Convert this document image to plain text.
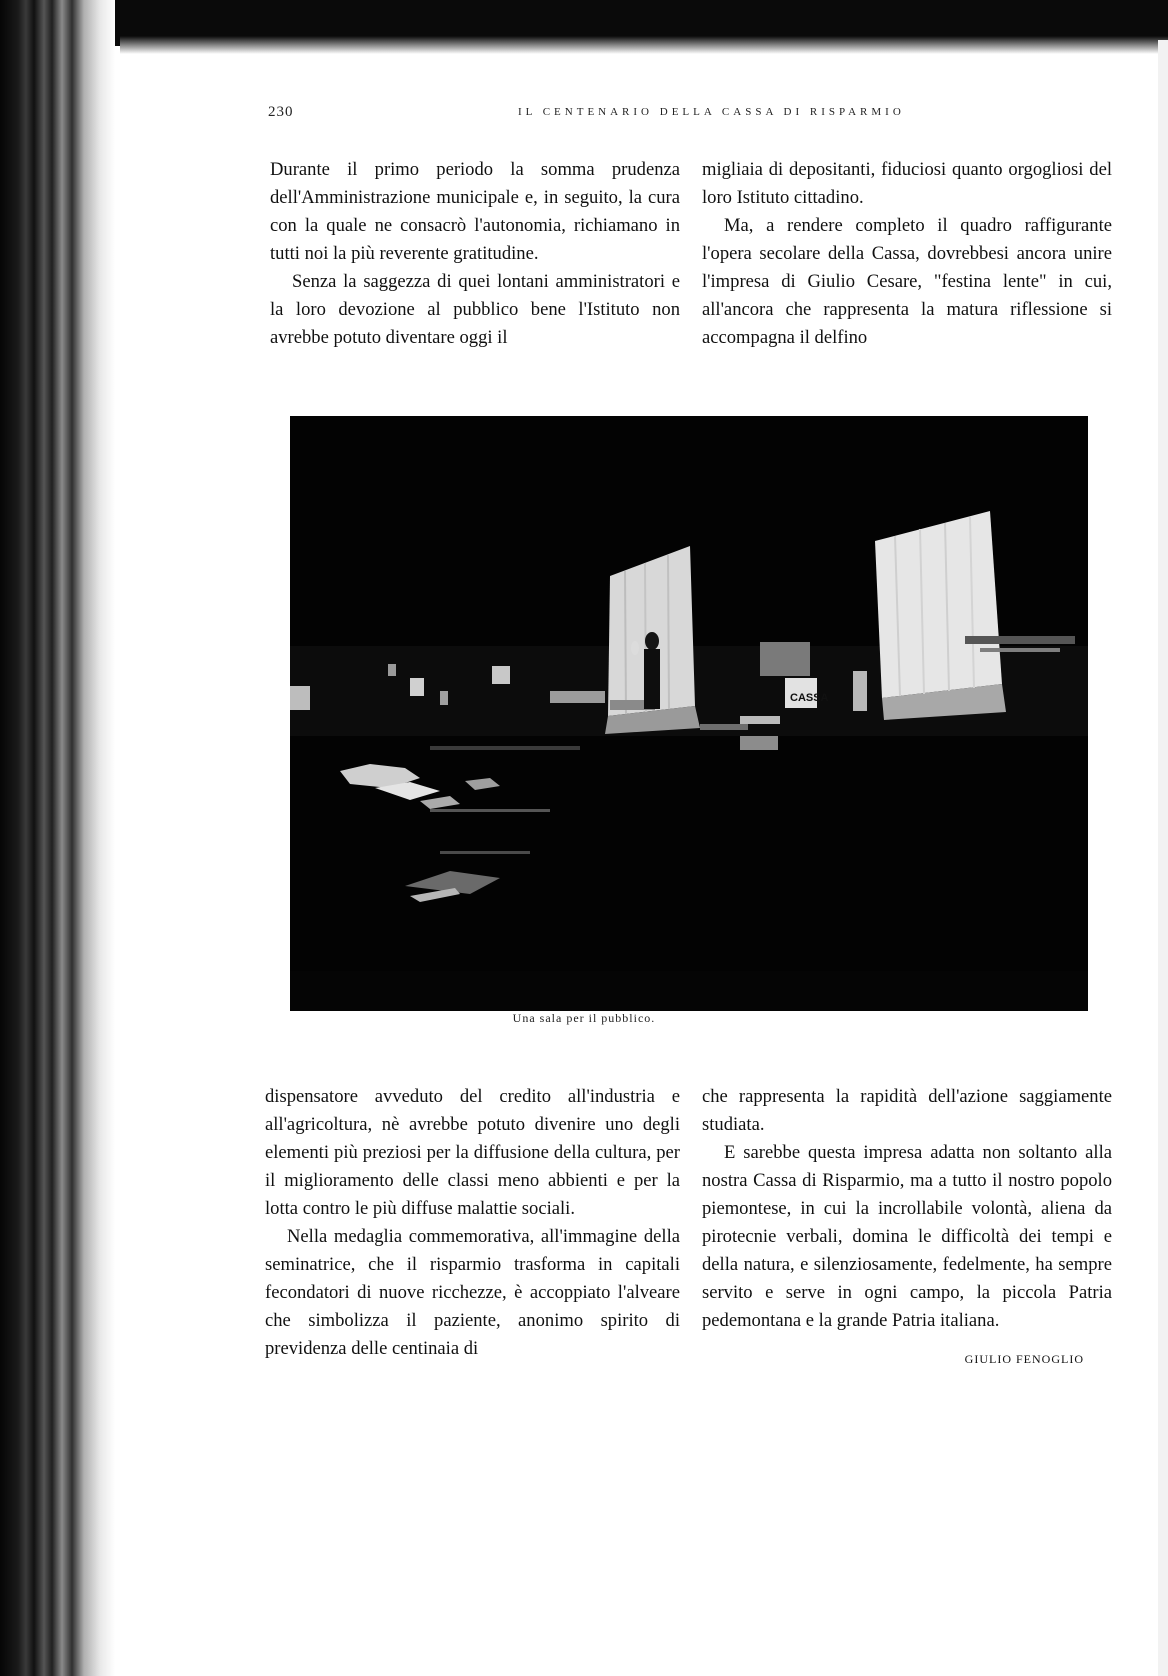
230	IL CENTENARIO DELLA CASSA DI RISPARMIO

Durante il primo periodo la somma prudenza dell'Amministrazione municipale e, in seguito, la cura con la quale ne consacrò l'autonomia, richiamano in tutti noi la più reverente gratitudine.

Senza la saggezza di quei lontani amministratori e la loro devozione al pubblico bene l'Istituto non avrebbe potuto diventare oggi il

migliaia di depositanti, fiduciosi quanto orgogliosi del loro Istituto cittadino.

Ma, a rendere completo il quadro raffigurante l'opera secolare della Cassa, dovrebbesi ancora unire l'impresa di Giulio Cesare, "festina lente" in cui, all'ancora che rappresenta la matura riflessione si accompagna il delfino

CASSA
Una sala per il pubblico.

dispensatore avveduto del credito all'industria e all'agricoltura, nè avrebbe potuto divenire uno degli elementi più preziosi per la diffusione della cultura, per il miglioramento delle classi meno abbienti e per la lotta contro le più diffuse malattie sociali.

Nella medaglia commemorativa, all'immagine della seminatrice, che il risparmio trasforma in capitali fecondatori di nuove ricchezze, è accoppiato l'alveare che simbolizza il paziente, anonimo spirito di previdenza delle centinaia di

che rappresenta la rapidità dell'azione saggiamente studiata.

E sarebbe questa impresa adatta non soltanto alla nostra Cassa di Risparmio, ma a tutto il nostro popolo piemontese, in cui la incrollabile volontà, aliena da pirotecnie verbali, domina le difficoltà dei tempi e della natura, e silenziosamente, fedelmente, ha sempre servito e serve in ogni campo, la piccola Patria pedemontana e la grande Patria italiana.

GIULIO FENOGLIO
